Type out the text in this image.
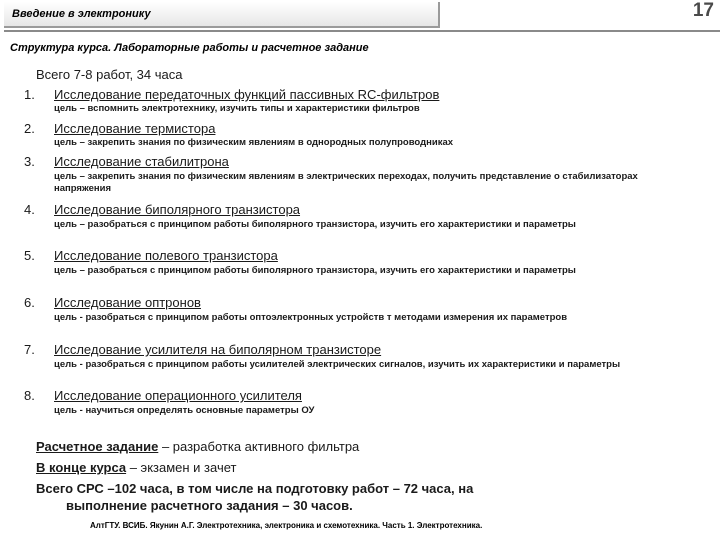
Введение в электронику	17
Структура курса. Лабораторные работы и расчетное задание
Всего 7-8 работ, 34 часа
1. Исследование передаточных функций пассивных RC-фильтров
цель – вспомнить электротехнику, изучить типы и характеристики фильтров
2. Исследование термистора
цель – закрепить знания по физическим явлениям в однородных полупроводниках
3. Исследование стабилитрона
цель – закрепить знания по физическим явлениям в электрических переходах, получить представление о стабилизаторах напряжения
4. Исследование биполярного транзистора
цель – разобраться с принципом работы биполярного транзистора, изучить его характеристики и параметры
5. Исследование полевого транзистора
цель – разобраться с принципом работы биполярного транзистора, изучить его характеристики и параметры
6. Исследование оптронов
цель - разобраться с принципом работы оптоэлектронных устройств т методами измерения их параметров
7. Исследование усилителя на биполярном транзисторе
цель - разобраться с принципом работы усилителей электрических сигналов, изучить их характеристики и параметры
8. Исследование операционного усилителя
цель - научиться определять основные параметры ОУ
Расчетное задание – разработка активного фильтра
В конце курса – экзамен и зачет
Всего СРС –102 часа, в том числе на подготовку работ – 72 часа, на
выполнение расчетного задания – 30 часов.
АлтГТУ. ВСИБ. Якунин А.Г. Электротехника, электроника и схемотехника. Часть 1. Электротехника.
